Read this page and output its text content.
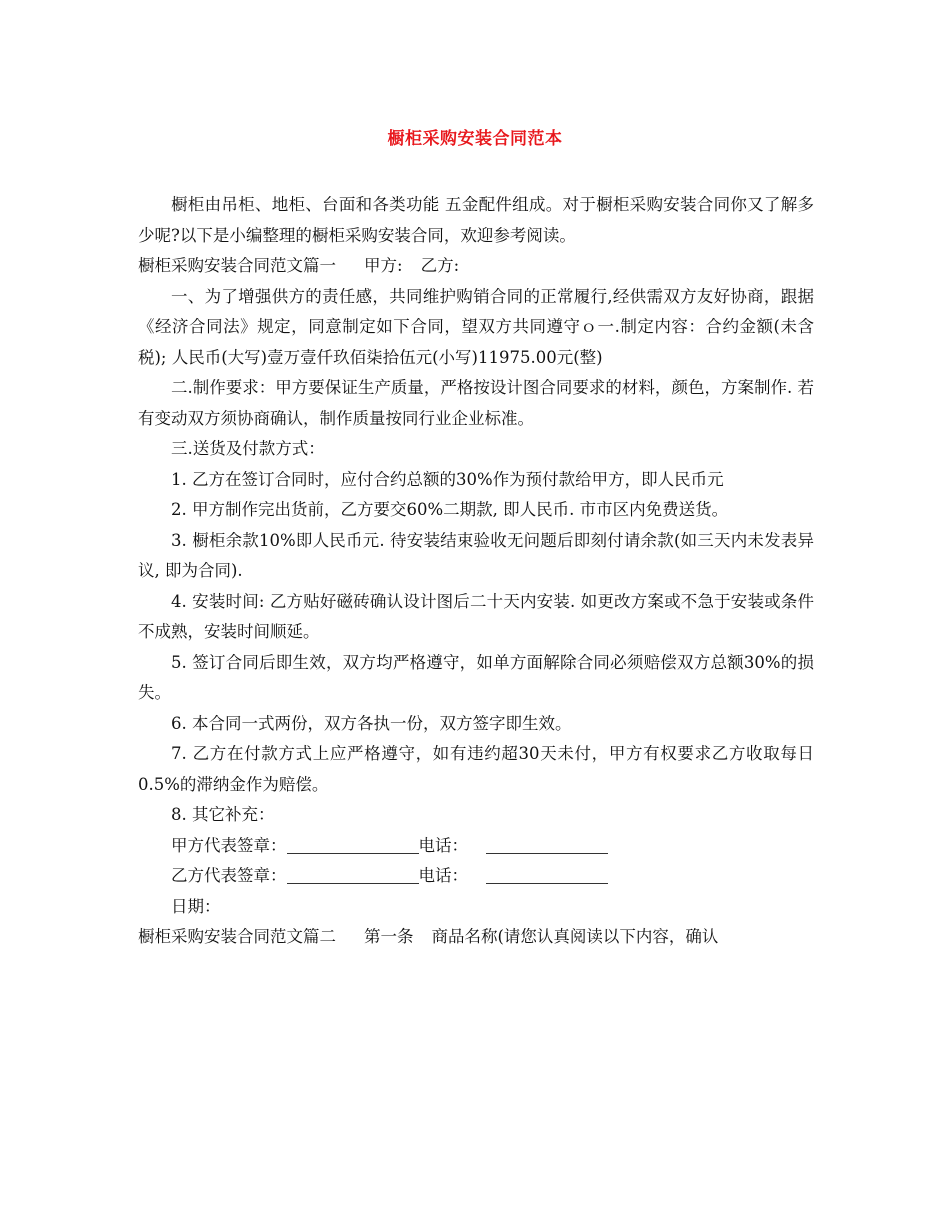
橱柜采购安装合同范本

橱柜由吊柜、地柜、台面和各类功能 五金配件组成。对于橱柜采购安装合同你又了解多少呢?以下是小编整理的橱柜采购安装合同，欢迎参考阅读。

橱柜采购安装合同范文篇一 甲方: 乙方:

一、为了增强供方的责任感，共同维护购销合同的正常履行,经供需双方友好协商，跟据《经济合同法》规定，同意制定如下合同，望双方共同遵守ｏ一.制定内容：合约金额(未含税); 人民币(大写)壹万壹仟玖佰柒拾伍元(小写)11975.00元(整)

二.制作要求：甲方要保证生产质量，严格按设计图合同要求的材料，颜色，方案制作. 若有变动双方须协商确认，制作质量按同行业企业标准。

三.送货及付款方式：

1. 乙方在签订合同时，应付合约总额的30%作为预付款给甲方，即人民币元

2. 甲方制作完出货前，乙方要交60%二期款, 即人民币. 市市区内免费送货。

3. 橱柜余款10%即人民币元. 待安装结束验收无问题后即刻付请余款(如三天内未发表异议, 即为合同).

4. 安装时间: 乙方贴好磁砖确认设计图后二十天内安装. 如更改方案或不急于安装或条件不成熟，安装时间顺延。

5. 签订合同后即生效，双方均严格遵守，如单方面解除合同必须赔偿双方总额30%的损失。

6. 本合同一式两份，双方各执一份，双方签字即生效。

7. 乙方在付款方式上应严格遵守，如有违约超30天未付，甲方有权要求乙方收取每日0.5%的滞纳金作为赔偿。

8. 其它补充：

甲方代表签章：	电话：

乙方代表签章：	电话：

日期：

橱柜采购安装合同范文篇二 第一条 商品名称(请您认真阅读以下内容，确认
